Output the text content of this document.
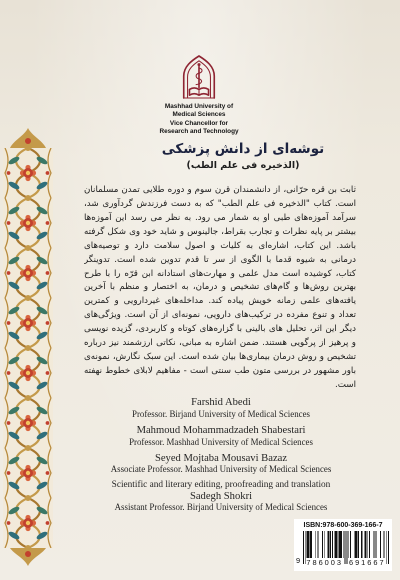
Mashhad University of
Medical Sciences
Vice Chancellor for
Research and Technology
توشه‌ای از دانش پزشکی
(الذخیره فی علم الطب)

ثابت بن قره حرّانی، از دانشمندان قرن سوم و دوره طلایی تمدن مسلمانان است. کتاب "الذخیره فی علم الطب" که به دست فرزندش گردآوری شد، سرآمد آموزه‌های طبی او به شمار می رود. به نظر می رسد این آموزه‌ها بیشتر بر پایه نظرات و تجارب بقراط، جالینوس و شاید خود وی شکل گرفته باشد. این کتاب، اشاره‌ای به کلیات و اصول سلامت دارد و توصیه‌های درمانی به شیوه قدما با الگوی از سر تا قدم تدوین شده است. تدوینگر کتاب، کوشیده است مدل علمی و مهارت‌های استادانه ابن قرّه را با طرح بهترین روش‌ها و گام‌های تشخیص و درمان، به اختصار و منظم با آخرین یافته‌های علمی زمانه خویش پیاده کند. مداخله‌های غیردارویی و کمترین تعداد و تنوع مفرده در ترکیب‌های دارویی، نمونه‌ای از آن است. ویژگی‌های دیگر این اثر، تحلیل های بالینی با گزاره‌های کوتاه و کاربردی، گزیده نویسی و پرهیز از پرگویی هستند. ضمن اشاره به مبانی، نکاتی ارزشمند نیز درباره تشخیص و روش درمان بیماری‌ها بیان شده است. این سبک نگارش، نمونه‌ی باور مشهور در بررسی متون طب سنتی است - مفاهیم لابلای خطوط نهفته است.

Farshid Abedi
Professor. Birjand University of Medical Sciences
Mahmoud Mohammadzadeh Shabestari
Professor. Mashhad University of Medical Sciences
Seyed Mojtaba Mousavi Bazaz
Associate Professor. Mashhad University of Medical Sciences
Scientific and literary editing, proofreading and translation
Sadegh Shokri
Assistant Professor. Birjand University of Medical Sciences
ISBN:978-600-369-166-7
9 786003 691667
